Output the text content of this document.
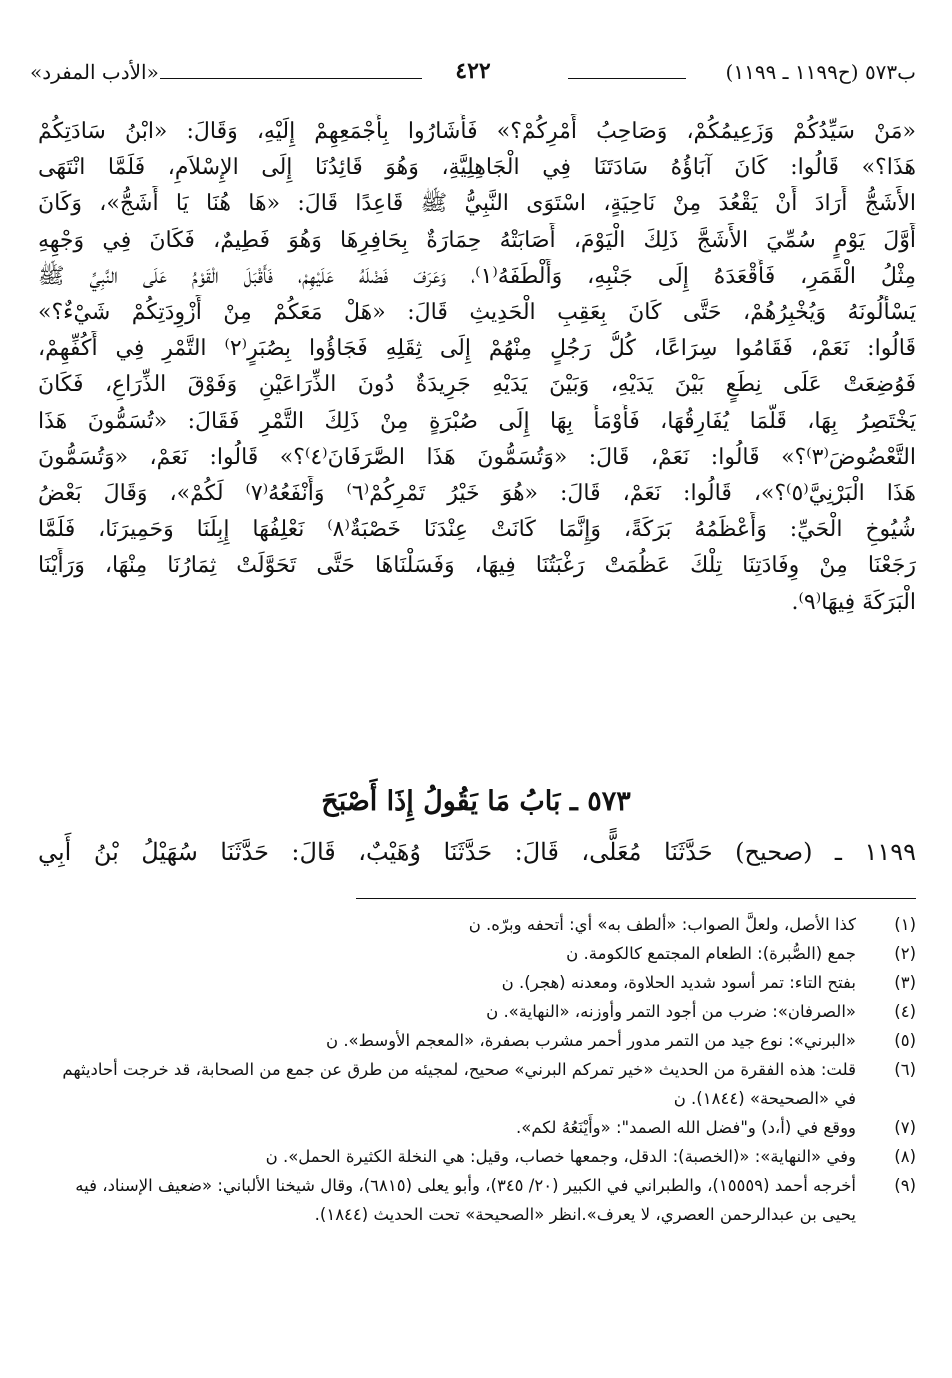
ب٥٧٣ (ح١١٩٩ ـ ١١٩٩)
٤٢٢
«الأدب المفرد»
«مَنْ سَيِّدُكُمْ وَزَعِيمُكُمْ، وَصَاحِبُ أَمْرِكُمْ؟» فَأَشَارُوا بِأَجْمَعِهِمْ إِلَيْهِ، وَقَالَ: «ابْنُ سَادَتِكُمْ
هَذَا؟» قَالُوا: كَانَ آبَاؤُهُ سَادَتَنَا فِي الْجَاهِلِيَّةِ، وَهُوَ قَائِدُنَا إِلَى الإِسْلاَمِ، فَلَمَّا انْتَهَى
الأَشَجُّ أَرَادَ أَنْ يَقْعُدَ مِنْ نَاحِيَةٍ، اسْتَوَى النَّبِيُّ ﷺ قَاعِدًا قَالَ: «هَا هُنَا يَا أَشَجُّ»، وَكَانَ
أَوَّلَ يَوْمٍ سُمِّيَ الأَشَجَّ ذَلِكَ الْيَوْمَ، أَصَابَتْهُ حِمَارَةٌ بِحَافِرِهَا وَهُوَ فَطِيمٌ، فَكَانَ فِي وَجْهِهِ
مِثْلُ الْقَمَرِ، فَأَقْعَدَهُ إِلَى جَنْبِهِ، وَأَلْطَفَهُ⁽١⁾، وَعَرَفَ فَضْلَهُ عَلَيْهِمْ، فَأَقْبَلَ الْقَوْمُ عَلَى النَّبِيِّ ﷺ
يَسْأَلُونَهُ وَيُخْبِرُهُمْ، حَتَّى كَانَ بِعَقِبِ الْحَدِيثِ قَالَ: «هَلْ مَعَكُمْ مِنْ أَزْوِدَتِكُمْ شَيْءٌ؟»
قَالُوا: نَعَمْ، فَقَامُوا سِرَاعًا، كُلُّ رَجُلٍ مِنْهُمْ إِلَى ثِقَلِهِ فَجَاؤُوا بِصُبَرٍ⁽٢⁾ التَّمْرِ فِي أَكُفِّهِمْ،
فَوُضِعَتْ عَلَى نِطَعٍ بَيْنَ يَدَيْهِ، وَبَيْنَ يَدَيْهِ جَرِيدَةٌ دُونَ الذِّرَاعَيْنِ وَفَوْقَ الذِّرَاعِ، فَكَانَ
يَخْتَصِرُ بِهَا، قَلَّمَا يُفَارِقُهَا، فَأَوْمَأَ بِهَا إِلَى صُبْرَةٍ مِنْ ذَلِكَ التَّمْرِ فَقَالَ: «تُسَمُّونَ هَذَا
التَّعْضُوضَ⁽٣⁾؟» قَالُوا: نَعَمْ، قَالَ: «وَتُسَمُّونَ هَذَا الصَّرَفَانَ⁽٤⁾؟» قَالُوا: نَعَمْ، «وَتُسَمُّونَ
هَذَا الْبَرْنِيَّ⁽٥⁾؟»، قَالُوا: نَعَمْ، قَالَ: «هُوَ خَيْرُ تَمْرِكُمْ⁽٦⁾ وَأَنْفَعُهُ⁽٧⁾ لَكُمْ»، وَقَالَ بَعْضُ
شُيُوخِ الْحَيِّ: وَأَعْظَمُهُ بَرَكَةً، وَإِنَّمَا كَانَتْ عِنْدَنَا خَصْبَةٌ⁽٨⁾ نَعْلِفُهَا إِبِلَنَا وَحَمِيرَنَا، فَلَمَّا
رَجَعْنَا مِنْ وِفَادَتِنَا تِلْكَ عَظُمَتْ رَغْبَتُنَا فِيهَا، وَفَسَلْنَاهَا حَتَّى تَحَوَّلَتْ ثِمَارُنَا مِنْهَا، وَرَأَيْنَا
الْبَرَكَةَ فِيهَا⁽٩⁾.
٥٧٣ ـ بَابُ مَا يَقُولُ إِذَا أَصْبَحَ
١١٩٩ ـ (صحيح) حَدَّثَنَا مُعَلًّى، قَالَ: حَدَّثَنَا وُهَيْبٌ، قَالَ: حَدَّثَنَا سُهَيْلُ بْنُ أَبِي
(١)
كذا الأصل، ولعلَّ الصواب: «ألطف به» أي: أتحفه وبرّه. ن
(٢)
جمع (الصُّبرة): الطعام المجتمع كالكومة. ن
(٣)
بفتح التاء: تمر أسود شديد الحلاوة، ومعدنه (هجر). ن
(٤)
«الصرفان»: ضرب من أجود التمر وأوزنه، «النهاية». ن
(٥)
«البرني»: نوع جيد من التمر مدور أحمر مشرب بصفرة، «المعجم الأوسط». ن
(٦)
قلت: هذه الفقرة من الحديث «خير تمركم البرني» صحيح، لمجيئه من طرق عن جمع من الصحابة، قد خرجت أحاديثهم في «الصحيحة» (١٨٤٤). ن
(٧)
ووقع في (أ،د) و"فضل الله الصمد": «وأَيْنَعُهُ لكم».
(٨)
وفي «النهاية»: «(الخصبة): الدقل، وجمعها خصاب، وقيل: هي النخلة الكثيرة الحمل». ن
(٩)
أخرجه أحمد (١٥٥٥٩)، والطبراني في الكبير (٢٠/ ٣٤٥)، وأبو يعلى (٦٨١٥)، وقال شيخنا الألباني: «ضعيف الإسناد، فيه يحيى بن عبدالرحمن العصري، لا يعرف».انظر «الصحيحة» تحت الحديث (١٨٤٤).
